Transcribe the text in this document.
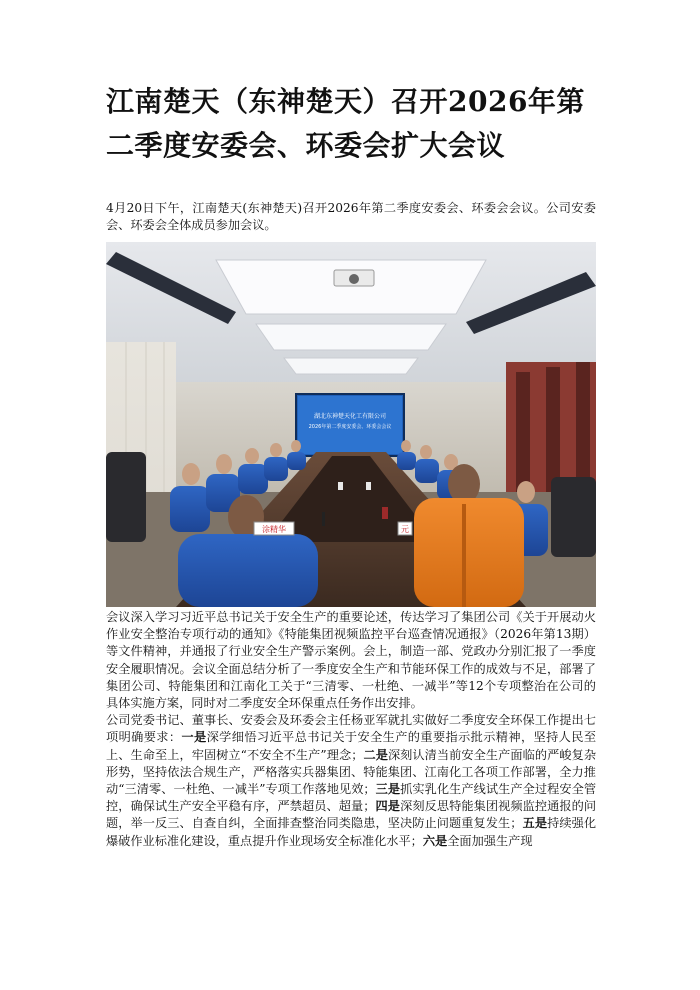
江南楚天（东神楚天）召开2026年第二季度安委会、环委会扩大会议

4月20日下午，江南楚天(东神楚天)召开2026年第二季度安委会、环委会会议。公司安委会、环委会全体成员参加会议。

湖北东神楚天化工有限公司
2026年第二季度安委会、环委会会议
涂精华	元

会议深入学习习近平总书记关于安全生产的重要论述，传达学习了集团公司《关于开展动火作业安全整治专项行动的通知》《特能集团视频监控平台巡查情况通报》（2026年第13期）等文件精神，并通报了行业安全生产警示案例。会上，制造一部、党政办分别汇报了一季度安全履职情况。会议全面总结分析了一季度安全生产和节能环保工作的成效与不足，部署了集团公司、特能集团和江南化工关于“三清零、一杜绝、一减半”等12个专项整治在公司的具体实施方案，同时对二季度安全环保重点任务作出安排。

公司党委书记、董事长、安委会及环委会主任杨亚军就扎实做好二季度安全环保工作提出七项明确要求：一是深学细悟习近平总书记关于安全生产的重要指示批示精神，坚持人民至上、生命至上，牢固树立“不安全不生产”理念；二是深刻认清当前安全生产面临的严峻复杂形势，坚持依法合规生产，严格落实兵器集团、特能集团、江南化工各项工作部署，全力推动“三清零、一杜绝、一减半”专项工作落地见效；三是抓实乳化生产线试生产全过程安全管控，确保试生产安全平稳有序，严禁超员、超量；四是深刻反思特能集团视频监控通报的问题，举一反三、自查自纠，全面排查整治同类隐患，坚决防止问题重复发生；五是持续强化爆破作业标准化建设，重点提升作业现场安全标准化水平；六是全面加强生产现
